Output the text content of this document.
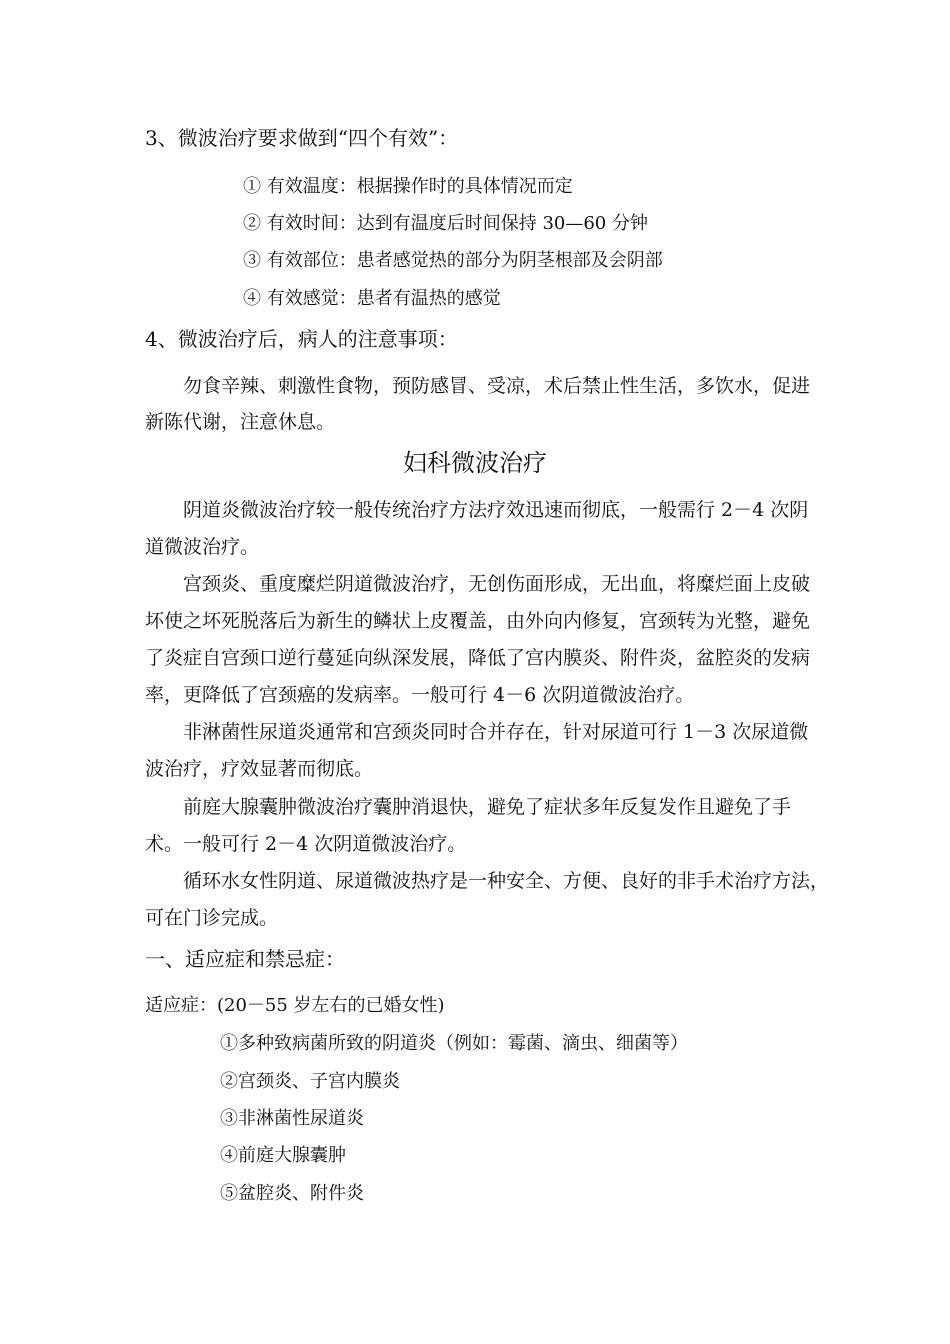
3、微波治疗要求做到“四个有效”：
① 有效温度：根据操作时的具体情况而定
② 有效时间：达到有温度后时间保持 30—60 分钟
③ 有效部位：患者感觉热的部分为阴茎根部及会阴部
④ 有效感觉：患者有温热的感觉
4、微波治疗后，病人的注意事项：
勿食辛辣、刺激性食物，预防感冒、受凉，术后禁止性生活，多饮水，促进
新陈代谢，注意休息。
妇科微波治疗
阴道炎微波治疗较一般传统治疗方法疗效迅速而彻底，一般需行 2－4 次阴
道微波治疗。
宫颈炎、重度糜烂阴道微波治疗，无创伤面形成，无出血，将糜烂面上皮破
坏使之坏死脱落后为新生的鳞状上皮覆盖，由外向内修复，宫颈转为光整，避免
了炎症自宫颈口逆行蔓延向纵深发展，降低了宫内膜炎、附件炎，盆腔炎的发病
率，更降低了宫颈癌的发病率。一般可行 4－6 次阴道微波治疗。
非淋菌性尿道炎通常和宫颈炎同时合并存在，针对尿道可行 1－3 次尿道微
波治疗，疗效显著而彻底。
前庭大腺囊肿微波治疗囊肿消退快，避免了症状多年反复发作且避免了手
术。一般可行 2－4 次阴道微波治疗。
循环水女性阴道、尿道微波热疗是一种安全、方便、良好的非手术治疗方法，
可在门诊完成。
一、适应症和禁忌症：
适应症：(20－55 岁左右的已婚女性)
①多种致病菌所致的阴道炎（例如：霉菌、滴虫、细菌等）
②宫颈炎、子宫内膜炎
③非淋菌性尿道炎
④前庭大腺囊肿
⑤盆腔炎、附件炎
